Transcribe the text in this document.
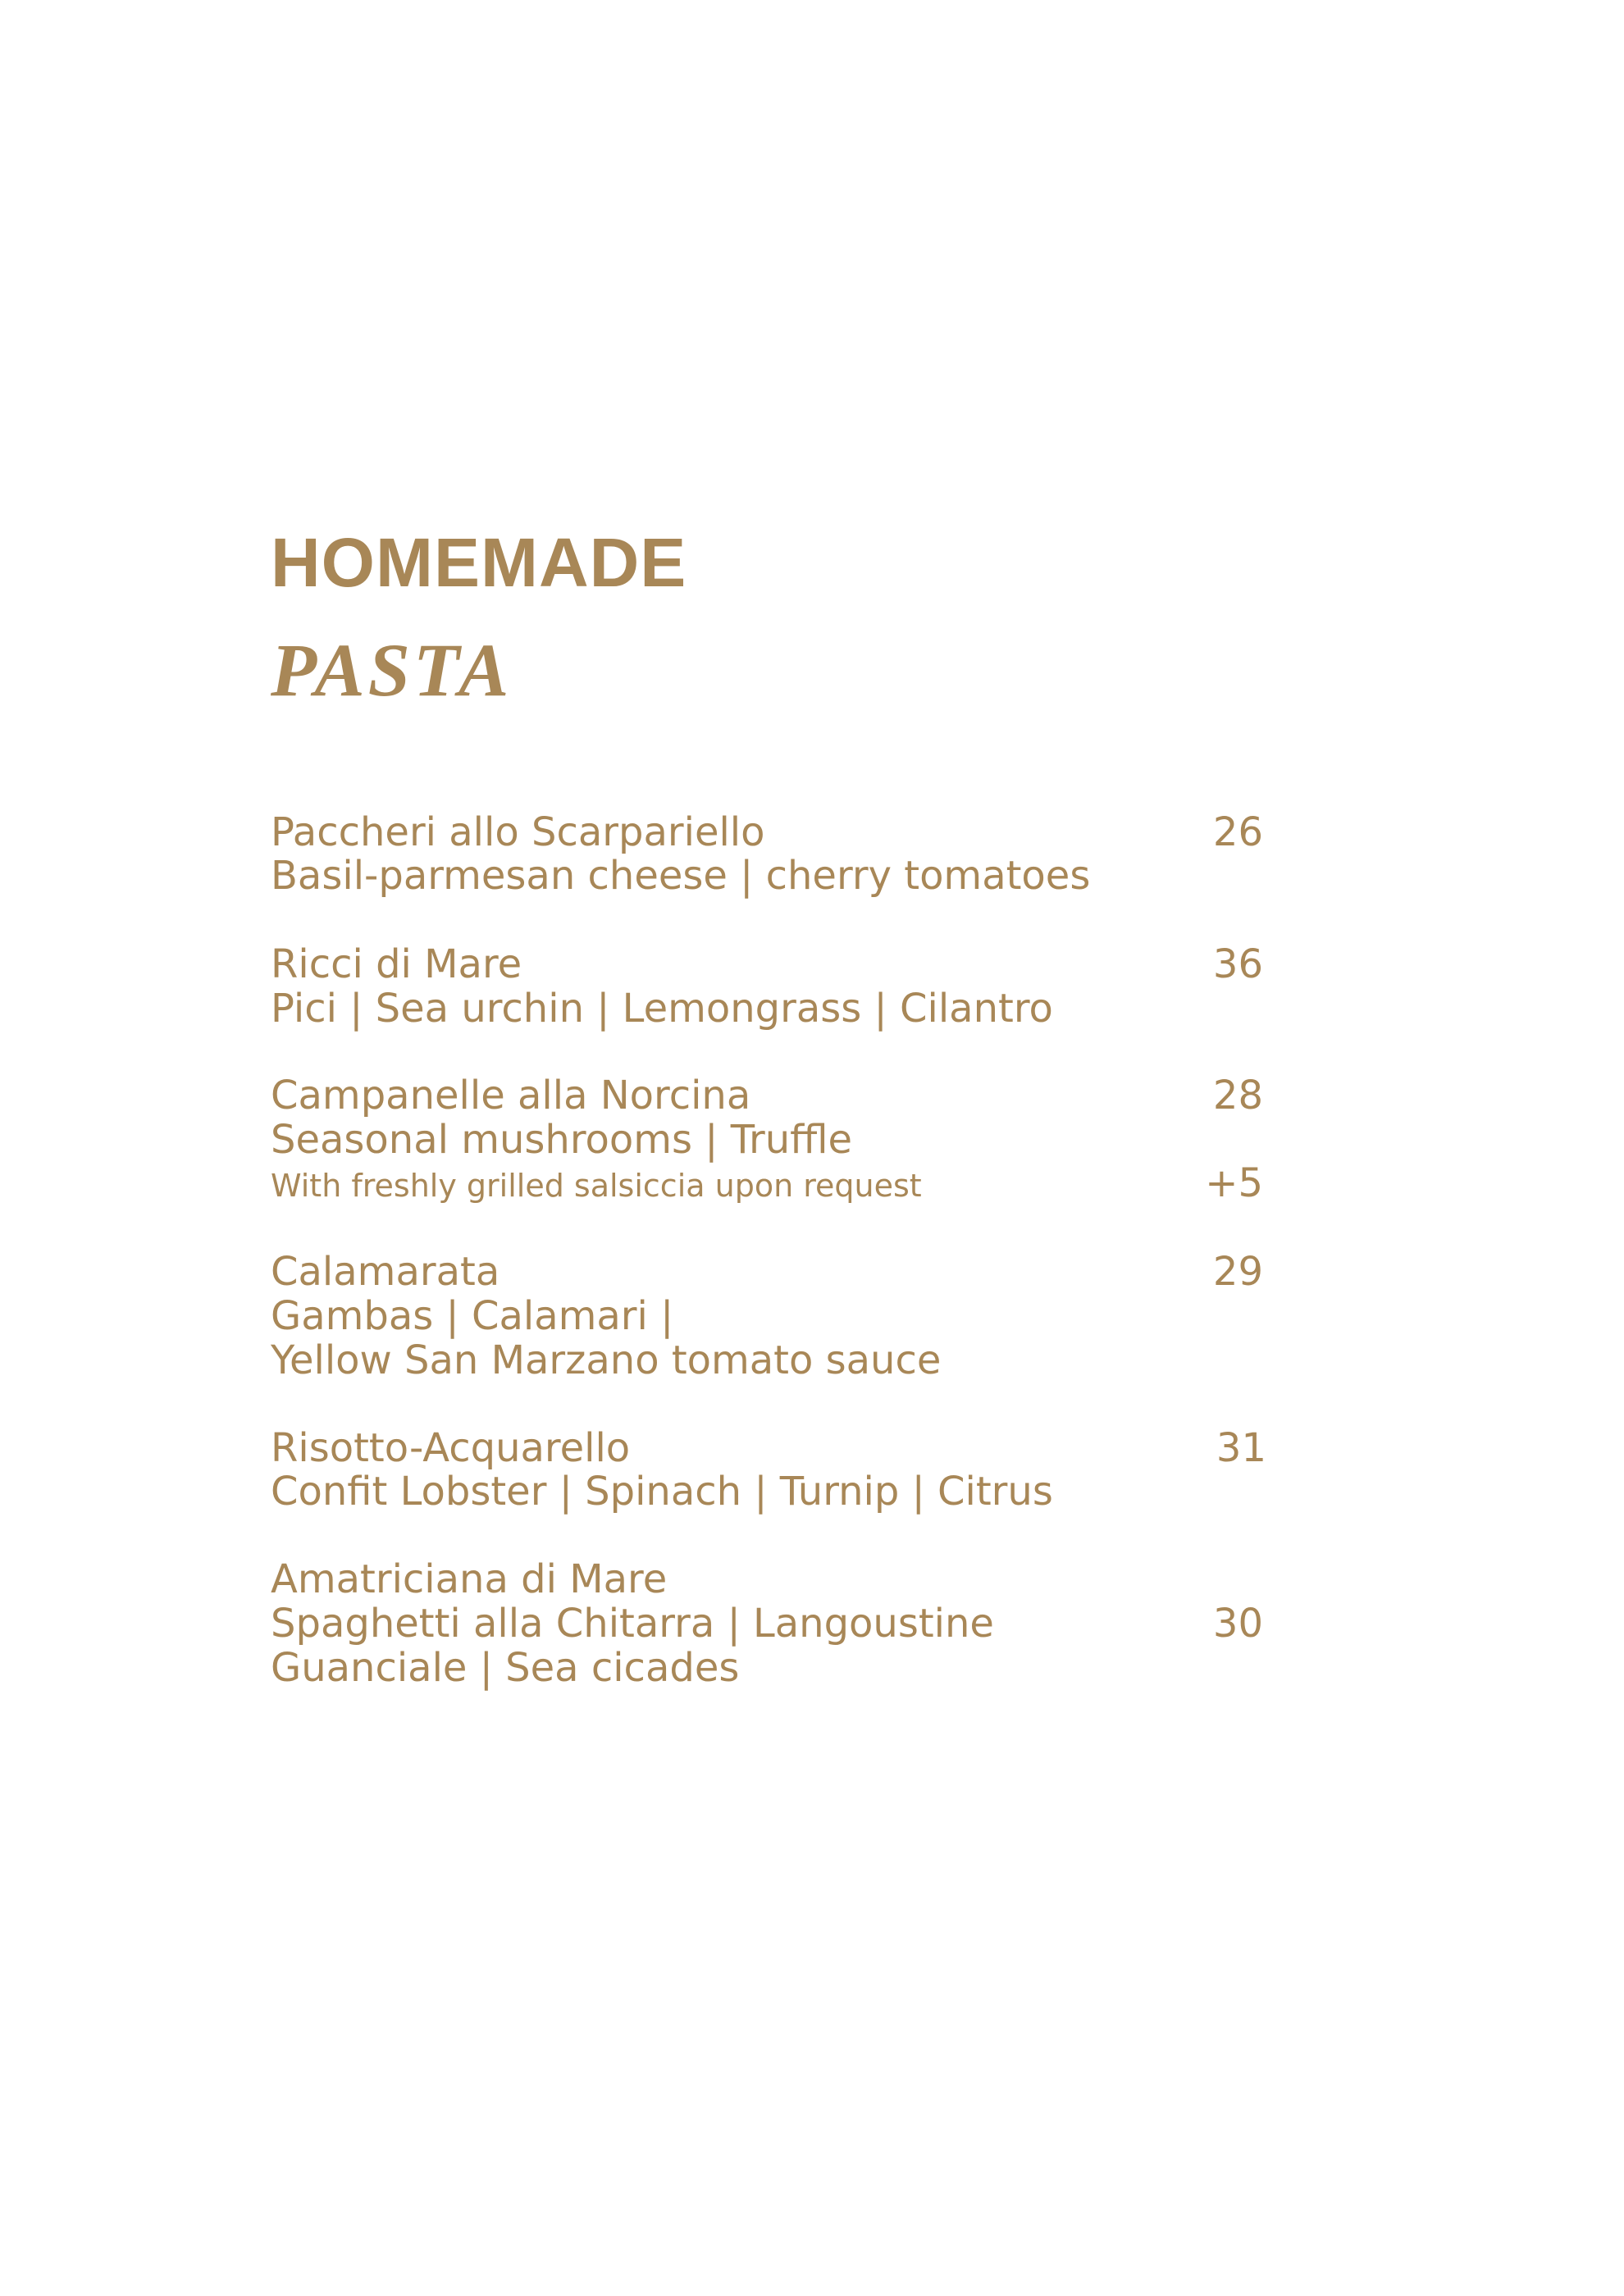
HOMEMADE
PASTA
Paccheri allo Scarpariello
Basil-parmesan cheese | cherry tomatoes
26
Ricci di Mare
Pici | Sea urchin | Lemongrass | Cilantro
36
Campanelle alla Norcina
Seasonal mushrooms | Truffle
With freshly grilled salsiccia upon request
28
+5
Calamarata
Gambas | Calamari |
Yellow San Marzano tomato sauce
29
Risotto-Acquarello
Confit Lobster | Spinach | Turnip | Citrus
31
Amatriciana di Mare
Spaghetti alla Chitarra | Langoustine
Guanciale | Sea cicades
30
